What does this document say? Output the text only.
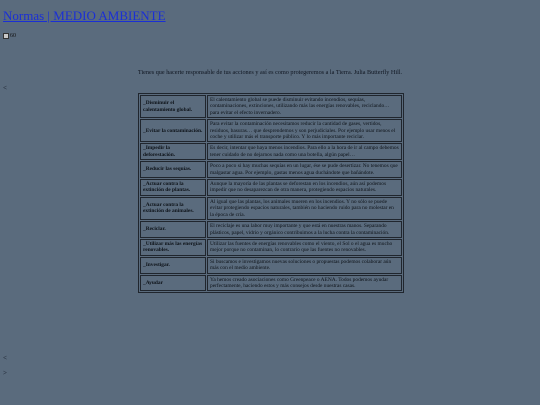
Normas | MEDIO AMBIENTE
60
Tienes que hacerte responsable de tus acciones y así es como protegeremos a la Tierra. Julia Butterfly Hill.
<
_Disminuir el calentamiento global.	El calentamiento global se puede disminuir evitando incendios, sequías, contaminaciones, extinciones, utilizando más las energías renovables, reciclando… para evitar el efecto invernadero.
_Evitar la contaminación.	Para evitar la contaminación necesitamos reducir la cantidad de gases, vertidos, residuos, basuras… que desprendemos y son perjudiciales. Por ejemplo usar menos el coche y utilizar más el transporte público. Y lo más importante reciclar.
_Impedir la deforestación.	Es decir, intentar que haya menos incendios. Para ello a la hora de ir al campo debemos tener cuidado de no dejarnos nada como una botella, algún papel…
_Reducir las sequías.	Poco a poco si hay muchas sequías en un lugar, ése se pude desertizar. No tenemos que malgastar agua. Por ejemplo, gastas menos agua duchándote que bañándote.
_Actuar contra la extinción de plantas.	Aunque la mayoría de las plantas se deforestan en los incendios, aún así podemos impedir que no desaparezcan de otra manera, protegiendo espacios naturales.
_Actuar contra la extinción de animales.	Al igual que las plantas, los animales mueren en los incendios. Y no sólo se puede evitar protegiendo espacios naturales, también no haciendo ruido para no molestar en la época de cría.
_Reciclar.	El reciclaje es una labor muy importante y que está en nuestras manos. Separando plásticos, papel, vidrio y orgánico contribuimos a la lucha contra la contaminación.
_Utilizar más las energías renovables.	Utilizar las fuentes de energías renovables como el viento, el Sol o el agua es mucho mejor porque no contaminan, lo contrario que las fuentes no renovables.
_Investigar.	Si buscamos e investigamos nuevas soluciones o propuestas podemos colaborar aún más con el medio ambiente.
_Ayudar	Ya hemos creado asociaciones como Greenpeace o AENA. Todos podemos ayudar perfectamente, haciendo estos y más consejos desde nuestras casas.
<
>
